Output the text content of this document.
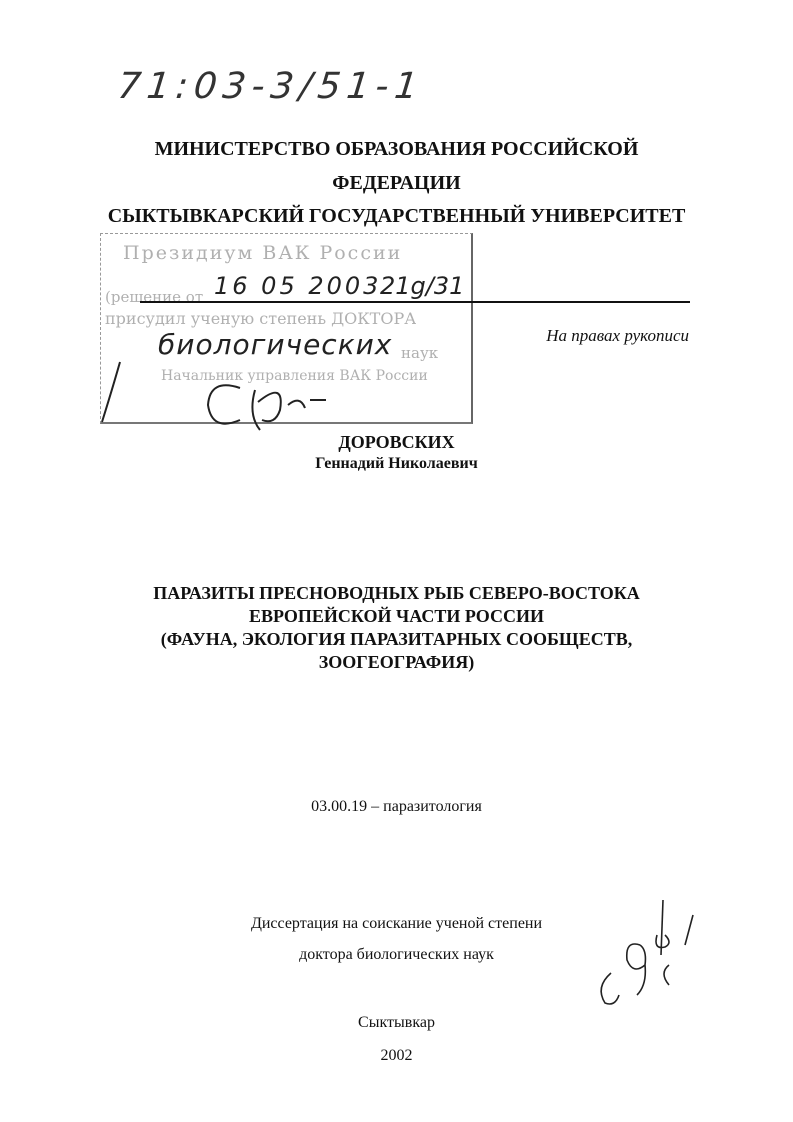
71:03-3/51-1
МИНИСТЕРСТВО ОБРАЗОВАНИЯ РОССИЙСКОЙ
ФЕДЕРАЦИИ
СЫКТЫВКАРСКИЙ ГОСУДАРСТВЕННЫЙ УНИВЕРСИТЕТ
Президиум ВАК России
(решение от
присудил ученую степень ДОКТОРА
наук
Начальник управления ВАК России
16 05 2003
21g/31
биологических	На правах рукописи
ДОРОВСКИХ
Геннадий Николаевич
ПАРАЗИТЫ ПРЕСНОВОДНЫХ РЫБ СЕВЕРО-ВОСТОКА
ЕВРОПЕЙСКОЙ ЧАСТИ РОССИИ
(ФАУНА, ЭКОЛОГИЯ ПАРАЗИТАРНЫХ СООБЩЕСТВ,
ЗООГЕОГРАФИЯ)
03.00.19 – паразитология
Диссертация на соискание ученой степени
доктора биологических наук
Сыктывкар
2002
